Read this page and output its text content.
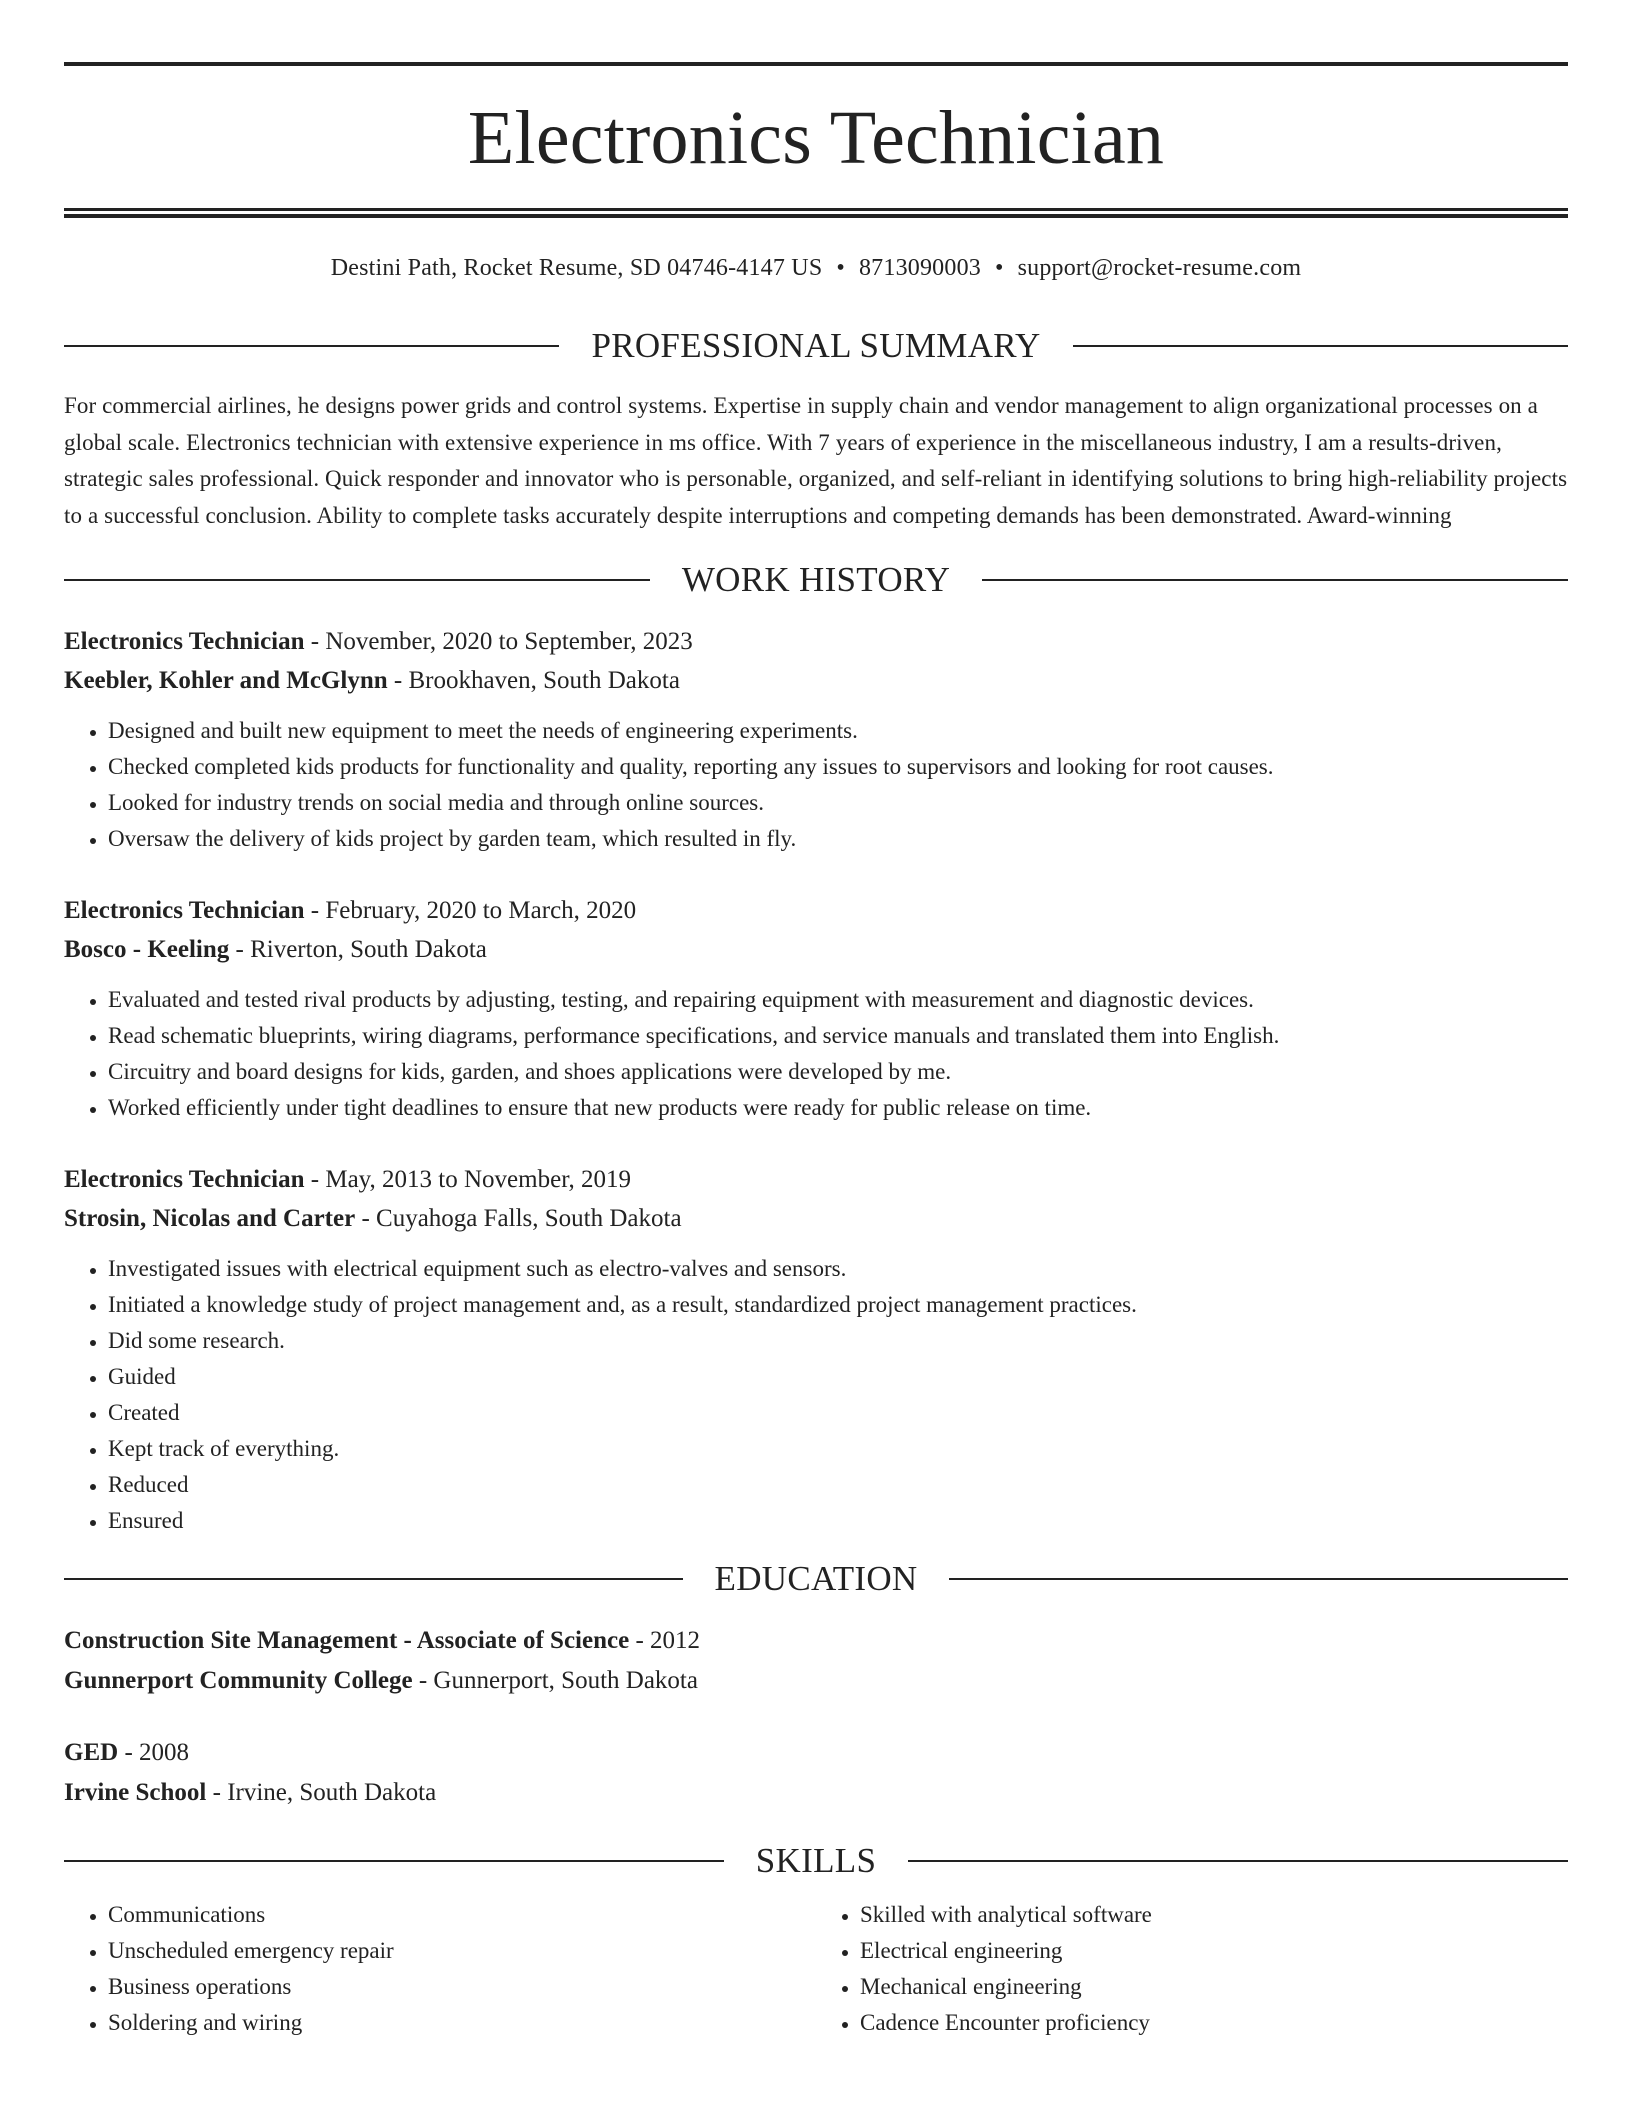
Electronics Technician
Destini Path, Rocket Resume, SD 04746-4147 US • 8713090003 • support@rocket-resume.com
PROFESSIONAL SUMMARY

For commercial airlines, he designs power grids and control systems. Expertise in supply chain and vendor management to align organizational processes on a global scale. Electronics technician with extensive experience in ms office. With 7 years of experience in the miscellaneous industry, I am a results-driven, strategic sales professional. Quick responder and innovator who is personable, organized, and self-reliant in identifying solutions to bring high-reliability projects to a successful conclusion. Ability to complete tasks accurately despite interruptions and competing demands has been demonstrated. Award-winning

WORK HISTORY
Electronics Technician - November, 2020 to September, 2023
Keebler, Kohler and McGlynn - Brookhaven, South Dakota
• Designed and built new equipment to meet the needs of engineering experiments.
• Checked completed kids products for functionality and quality, reporting any issues to supervisors and looking for root causes.
• Looked for industry trends on social media and through online sources.
• Oversaw the delivery of kids project by garden team, which resulted in fly.
Electronics Technician - February, 2020 to March, 2020
Bosco - Keeling - Riverton, South Dakota
• Evaluated and tested rival products by adjusting, testing, and repairing equipment with measurement and diagnostic devices.
• Read schematic blueprints, wiring diagrams, performance specifications, and service manuals and translated them into English.
• Circuitry and board designs for kids, garden, and shoes applications were developed by me.
• Worked efficiently under tight deadlines to ensure that new products were ready for public release on time.
Electronics Technician - May, 2013 to November, 2019
Strosin, Nicolas and Carter - Cuyahoga Falls, South Dakota
• Investigated issues with electrical equipment such as electro-valves and sensors.
• Initiated a knowledge study of project management and, as a result, standardized project management practices.
• Did some research.
• Guided
• Created
• Kept track of everything.
• Reduced
• Ensured
EDUCATION
Construction Site Management - Associate of Science - 2012
Gunnerport Community College - Gunnerport, South Dakota
GED - 2008
Irvine School - Irvine, South Dakota
SKILLS
• Communications
• Unscheduled emergency repair
• Business operations
• Soldering and wiring
• Skilled with analytical software
• Electrical engineering
• Mechanical engineering
• Cadence Encounter proficiency
